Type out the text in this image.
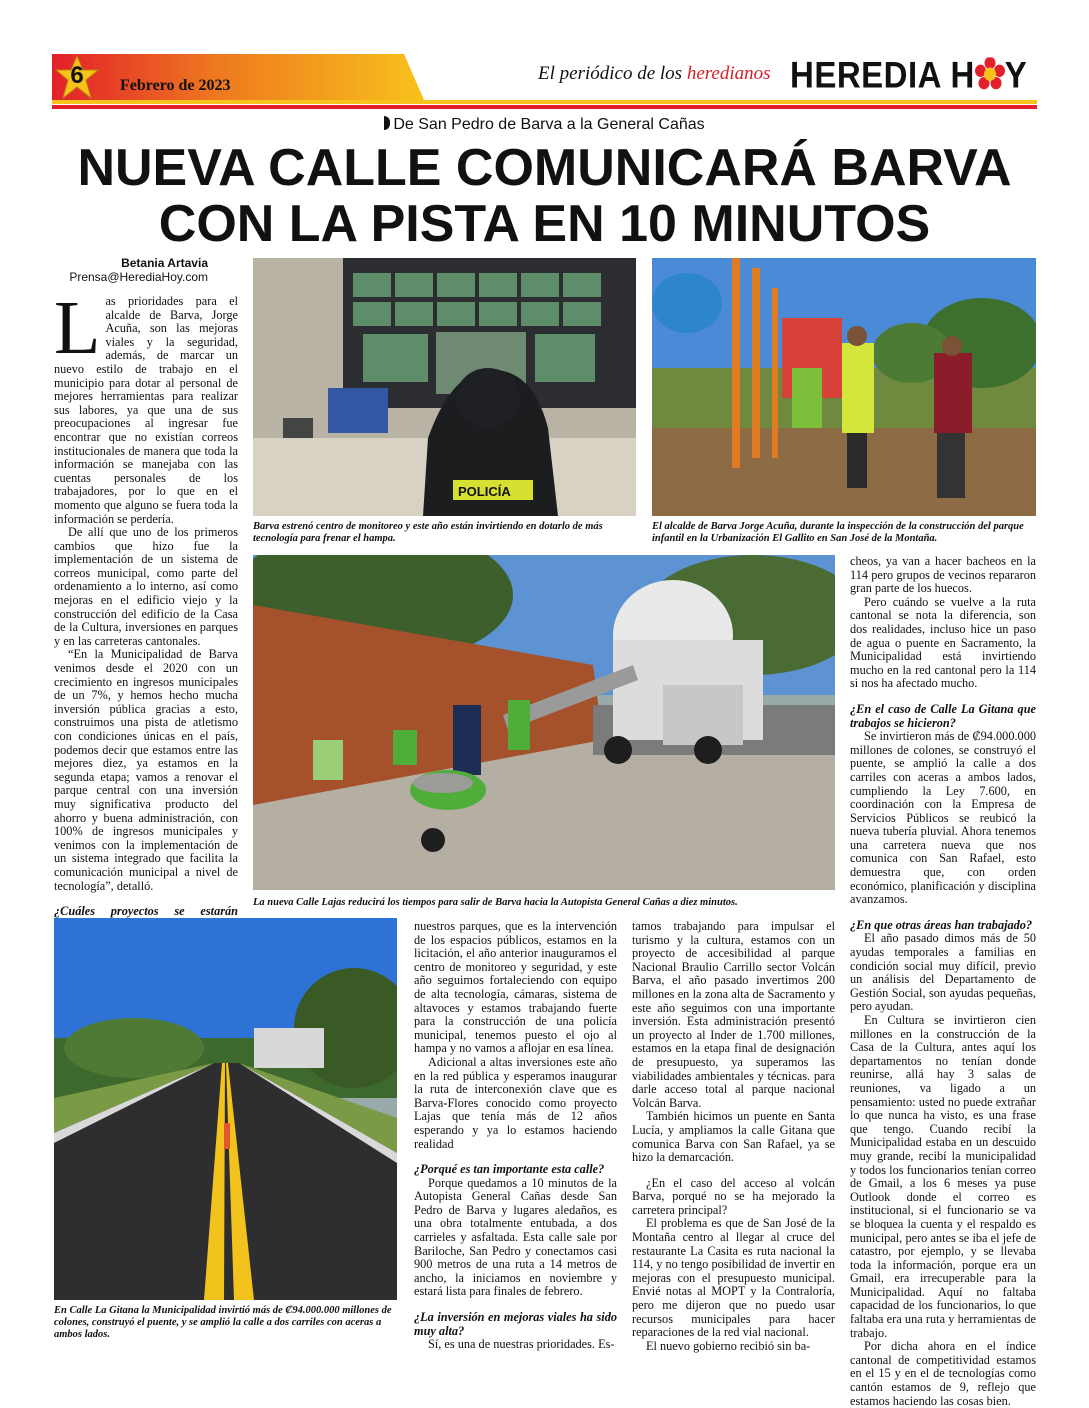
6	Febrero de 2023
El periódico de los heredianos HEREDIA H Y
De San Pedro de Barva a la General Cañas
NUEVA CALLE COMUNICARÁ BARVA
CON LA PISTA EN 10 MINUTOS
Betania Artavia
Prensa@HerediaHoy.com
L as prioridades para el alcalde de Barva, Jorge Acuña, son las mejoras viales y la seguridad, además, de marcar un nuevo estilo de trabajo en el municipio para dotar al personal de mejores herramientas para realizar sus labores, ya que una de sus preocupaciones al ingresar fue encontrar que no existían correos institucionales de manera que toda la información se manejaba con las cuentas personales de los trabajadores, por lo que en el momento que alguno se fuera toda la información se perdería.

De allí que uno de los primeros cambios que hizo fue la implementación de un sistema de correos municipal, como parte del ordenamiento a lo interno, así como mejoras en el edificio viejo y la construcción del edificio de la Casa de la Cultura, inversiones en parques y en las carreteras cantonales.

“En la Municipalidad de Barva venimos desde el 2020 con un crecimiento en ingresos municipales de un 7%, y hemos hecho mucha inversión pública gracias a esto, construimos una pista de atletismo con condiciones únicas en el país, podemos decir que estamos entre las mejores diez, ya estamos en la segunda etapa; vamos a renovar el parque central con una inversión muy significativa producto del ahorro y buena administración, con 100% de ingresos municipales y venimos con la implementación de un sistema integrado que facilita la comunicación municipal a nivel de tecnología”, detalló.

¿Cuáles proyectos se estarán

POLICÍA
Barva estrenó centro de monitoreo y este año están invirtiendo en dotarlo de más tecnología para frenar el hampa.
El alcalde de Barva Jorge Acuña, durante la inspección de la construcción del parque infantil en la Urbanización El Gallito en San José de la Montaña.
La nueva Calle Lajas reducirá los tiempos para salir de Barva hacia la Autopista General Cañas a diez minutos.

cheos, ya van a hacer bacheos en la 114 pero grupos de vecinos repararon gran parte de los huecos.

Pero cuándo se vuelve a la ruta cantonal se nota la diferencia, son dos realidades, incluso hice un paso de agua o puente en Sacramento, la Municipalidad está invirtiendo mucho en la red cantonal pero la 114 si nos ha afectado mucho.

¿En el caso de Calle La Gitana que trabajos se hicieron?

Se invirtieron más de ₡94.000.000 millones de colones, se construyó el puente, se amplió la calle a dos carriles con aceras a ambos lados, cumpliendo la Ley 7.600, en coordinación con la Empresa de Servicios Públicos se reubicó la nueva tubería pluvial. Ahora tenemos una carretera nueva que nos comunica con San Rafael, esto demuestra que, con orden económico, planificación y disciplina avanzamos.

¿En que otras áreas han trabajado?

El año pasado dimos más de 50 ayudas temporales a familias en condición social muy difícil, previo un análisis del Departamento de Gestión Social, son ayudas pequeñas, pero ayudan.

En Cultura se invirtieron cien millones en la construcción de la Casa de la Cultura, antes aquí los departamentos no tenían donde reunirse, allá hay 3 salas de reuniones, va ligado a un pensamiento: usted no puede extrañar lo que nunca ha visto, es una frase que tengo. Cuando recibí la Municipalidad estaba en un descuido muy grande, recibí la municipalidad y todos los funcionarios tenían correo de Gmail, a los 6 meses ya puse Outlook donde el correo es institucional, si el funcionario se va se bloquea la cuenta y el respaldo es municipal, pero antes se iba el jefe de catastro, por ejemplo, y se llevaba toda la información, porque era un Gmail, era irrecuperable para la Municipalidad. Aquí no faltaba capacidad de los funcionarios, lo que faltaba era una ruta y herramientas de trabajo.

Por dicha ahora en el índice cantonal de competitividad estamos en el 15 y en el de tecnologías como cantón estamos de 9, reflejo que estamos haciendo las cosas bien.

En Calle La Gitana la Municipalidad invirtió más de ₡94.000.000 millones de colones, construyó el puente, y se amplió la calle a dos carriles con aceras a ambos lados.

nuestros parques, que es la intervención de los espacios públicos, estamos en la licitación, el año anterior inauguramos el centro de monitoreo y seguridad, y este año seguimos fortaleciendo con equipo de alta tecnología, cámaras, sistema de altavoces y estamos trabajando fuerte para la construcción de una policía municipal, tenemos puesto el ojo al hampa y no vamos a aflojar en esa línea.

Adicional a altas inversiones este año en la red pública y esperamos inaugurar la ruta de interconexión clave que es Barva-Flores conocido como proyecto Lajas que tenía más de 12 años esperando y ya lo estamos haciendo realidad

¿Porqué es tan importante esta calle?

Porque quedamos a 10 minutos de la Autopista General Cañas desde San Pedro de Barva y lugares aledaños, es una obra totalmente entubada, a dos carrieles y asfaltada. Esta calle sale por Bariloche, San Pedro y conectamos casi 900 metros de una ruta a 14 metros de ancho, la iniciamos en noviembre y estará lista para finales de febrero.

¿La inversión en mejoras viales ha sido muy alta?

Sí, es una de nuestras prioridades. Es-

tamos trabajando para impulsar el turismo y la cultura, estamos con un proyecto de accesibilidad al parque Nacional Braulio Carrillo sector Volcán Barva, el año pasado invertimos 200 millones en la zona alta de Sacramento y este año seguimos con una importante inversión. Esta administración presentó un proyecto al Inder de 1.700 millones, estamos en la etapa final de designación de presupuesto, ya superamos las viabilidades ambientales y técnicas. para darle acceso total al parque nacional Volcán Barva.

También hicimos un puente en Santa Lucía, y ampliamos la calle Gitana que comunica Barva con San Rafael, ya se hizo la demarcación.

¿En el caso del acceso al volcán Barva, porqué no se ha mejorado la carretera principal?

El problema es que de San José de la Montaña centro al llegar al cruce del restaurante La Casita es ruta nacional la 114, y no tengo posibilidad de invertir en mejoras con el presupuesto municipal. Envié notas al MOPT y la Contraloría, pero me dijeron que no puedo usar recursos municipales para hacer reparaciones de la red vial nacional.

El nuevo gobierno recibió sin ba-
